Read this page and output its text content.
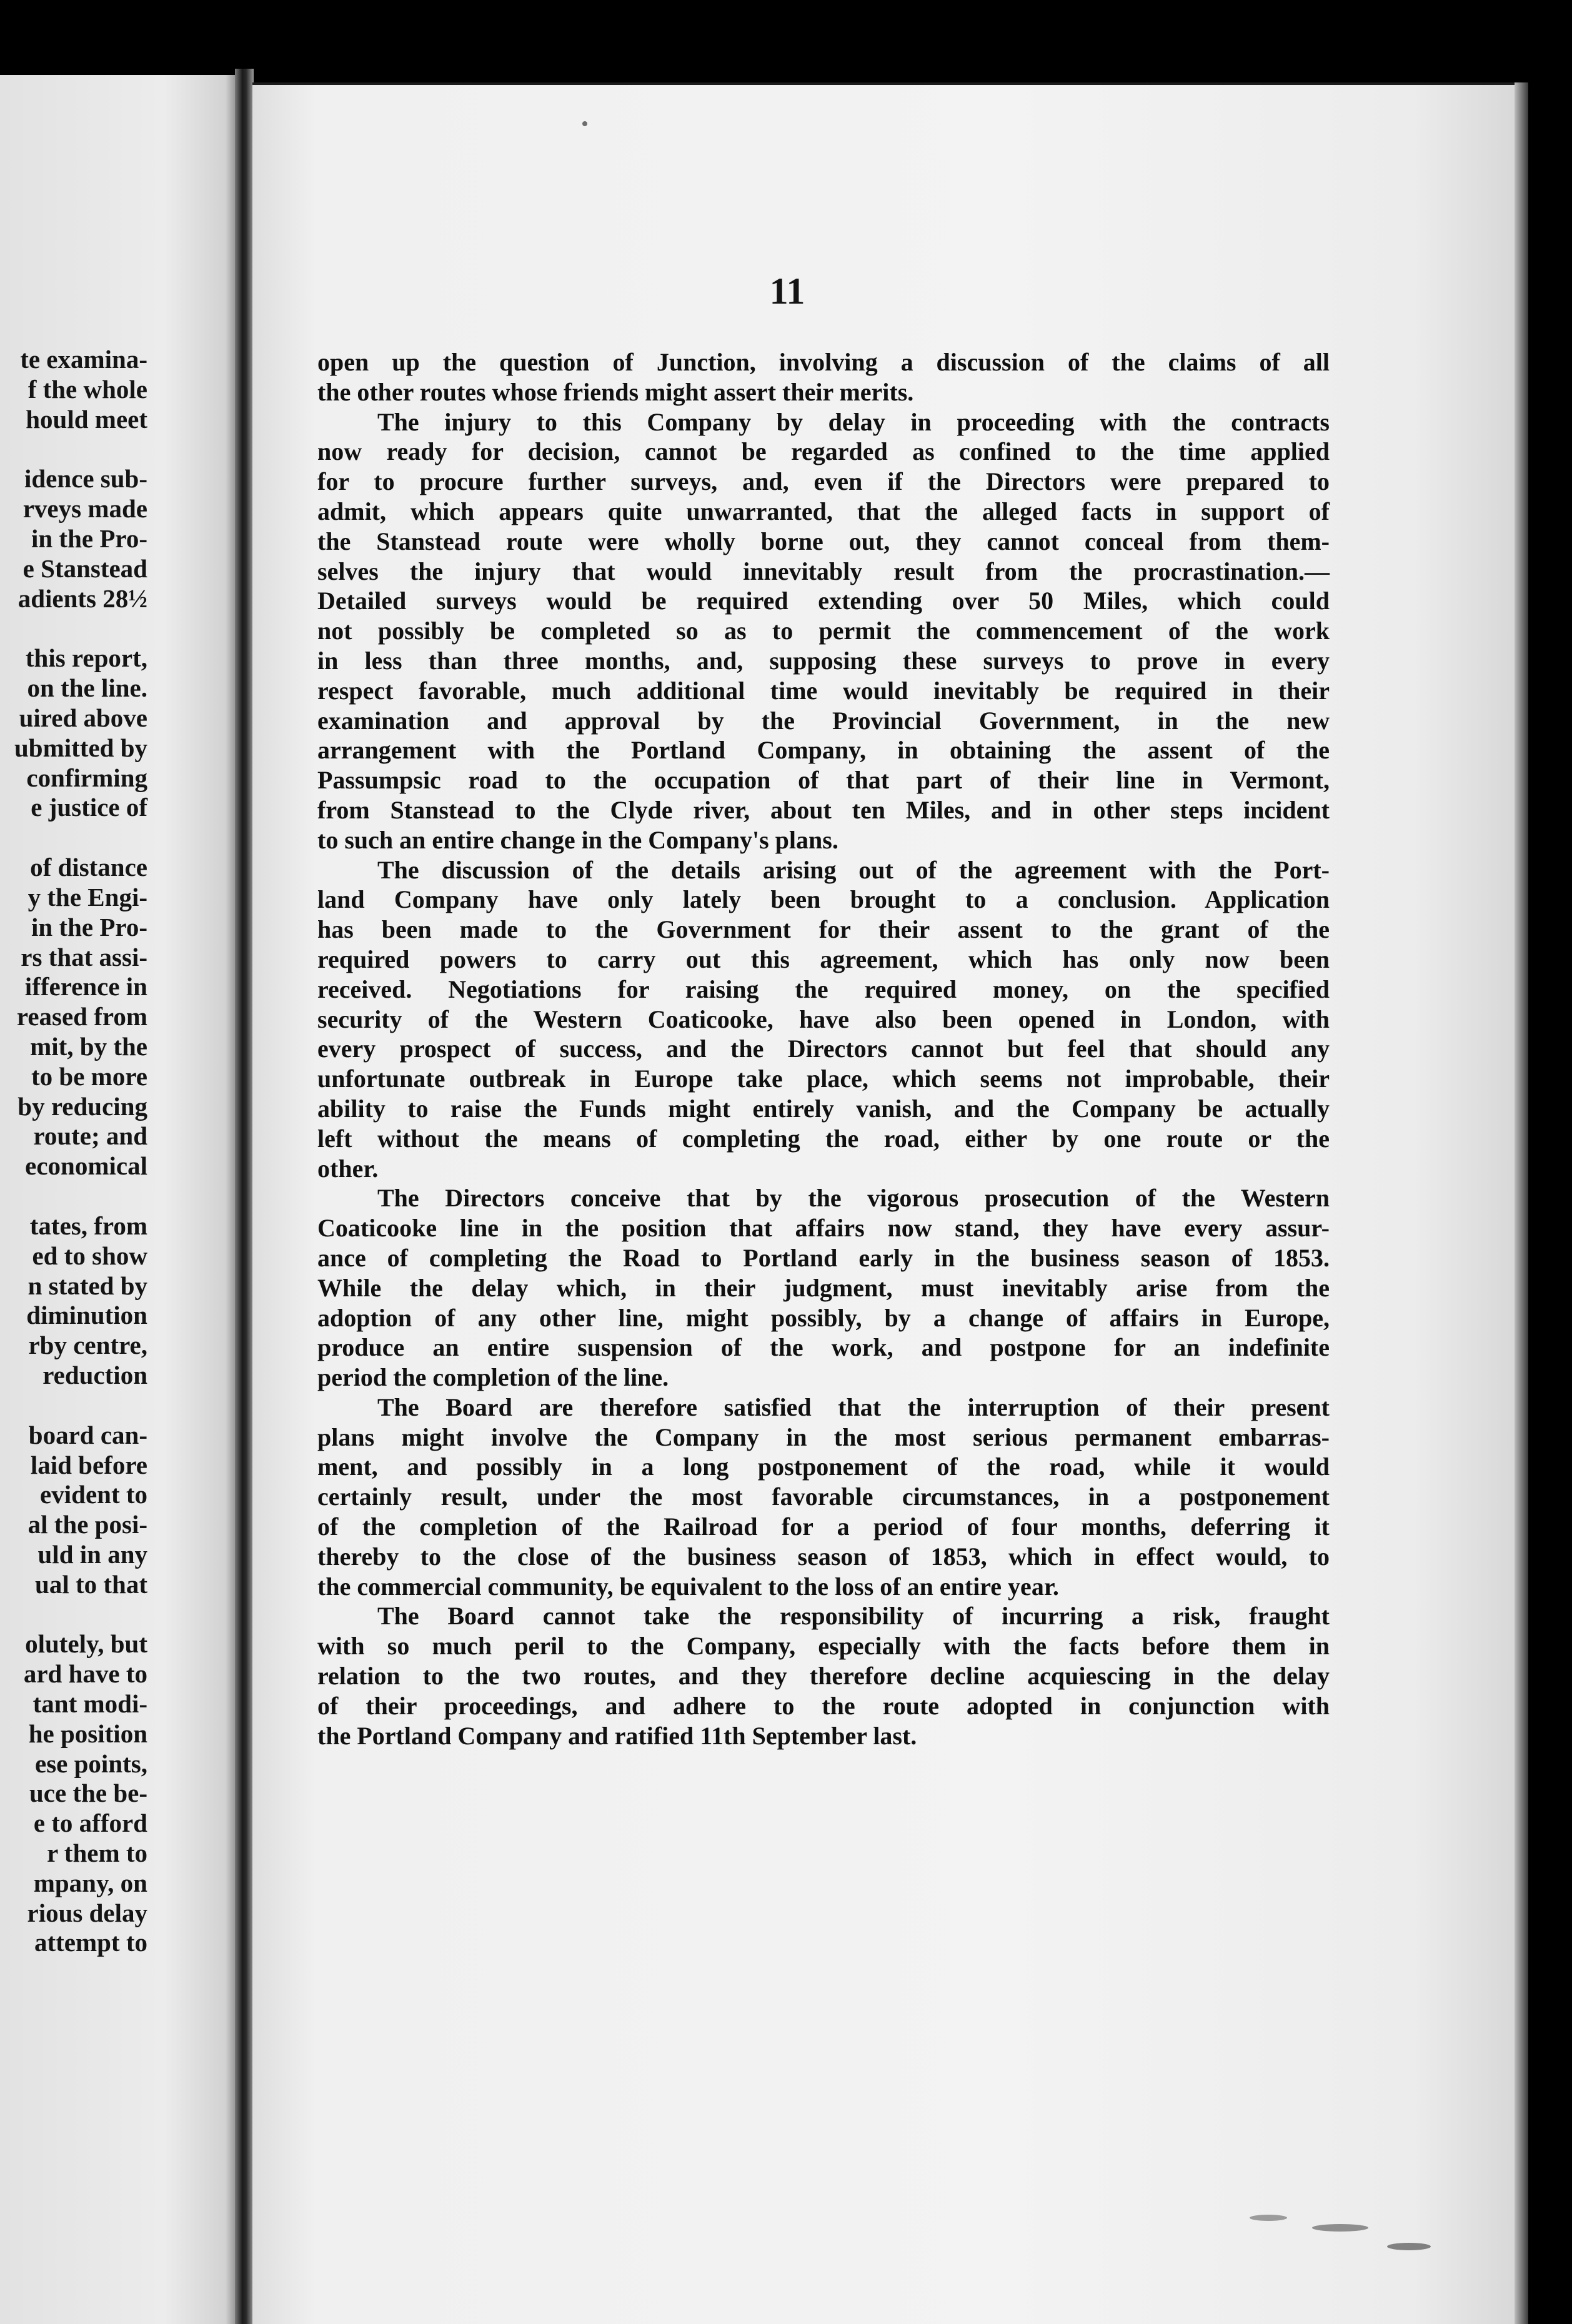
te examina-
f the whole
hould meet
idence sub-
rveys made
in the Pro-
e Stanstead
adients 28½
this report,
on the line.
uired above
ubmitted by
confirming
e justice of
of distance
y the Engi-
in the Pro-
rs that assi-
ifference in
reased from
mit, by the
to be more
by reducing
route; and
economical
tates, from
ed to show
n stated by
diminution
rby centre,
reduction
board can-
laid before
evident to
al the posi-
uld in any
ual to that
olutely, but
ard have to
tant modi-
he position
ese points,
uce the be-
e to afford
r them to
mpany, on
rious delay
attempt to
11
open up the question of Junction, involving a discussion of the claims of all
the other routes whose friends might assert their merits.
The injury to this Company by delay in proceeding with the contracts
now ready for decision, cannot be regarded as confined to the time applied
for to procure further surveys, and, even if the Directors were prepared to
admit, which appears quite unwarranted, that the alleged facts in support of
the Stanstead route were wholly borne out, they cannot conceal from them-
selves the injury that would innevitably result from the procrastination.—
Detailed surveys would be required extending over 50 Miles, which could
not possibly be completed so as to permit the commencement of the work
in less than three months, and, supposing these surveys to prove in every
respect favorable, much additional time would inevitably be required in their
examination and approval by the Provincial Government, in the new
arrangement with the Portland Company, in obtaining the assent of the
Passumpsic road to the occupation of that part of their line in Vermont,
from Stanstead to the Clyde river, about ten Miles, and in other steps incident
to such an entire change in the Company's plans.
The discussion of the details arising out of the agreement with the Port-
land Company have only lately been brought to a conclusion. Application
has been made to the Government for their assent to the grant of the
required powers to carry out this agreement, which has only now been
received. Negotiations for raising the required money, on the specified
security of the Western Coaticooke, have also been opened in London, with
every prospect of success, and the Directors cannot but feel that should any
unfortunate outbreak in Europe take place, which seems not improbable, their
ability to raise the Funds might entirely vanish, and the Company be actually
left without the means of completing the road, either by one route or the
other.
The Directors conceive that by the vigorous prosecution of the Western
Coaticooke line in the position that affairs now stand, they have every assur-
ance of completing the Road to Portland early in the business season of 1853.
While the delay which, in their judgment, must inevitably arise from the
adoption of any other line, might possibly, by a change of affairs in Europe,
produce an entire suspension of the work, and postpone for an indefinite
period the completion of the line.
The Board are therefore satisfied that the interruption of their present
plans might involve the Company in the most serious permanent embarras-
ment, and possibly in a long postponement of the road, while it would
certainly result, under the most favorable circumstances, in a postponement
of the completion of the Railroad for a period of four months, deferring it
thereby to the close of the business season of 1853, which in effect would, to
the commercial community, be equivalent to the loss of an entire year.
The Board cannot take the responsibility of incurring a risk, fraught
with so much peril to the Company, especially with the facts before them in
relation to the two routes, and they therefore decline acquiescing in the delay
of their proceedings, and adhere to the route adopted in conjunction with
the Portland Company and ratified 11th September last.
